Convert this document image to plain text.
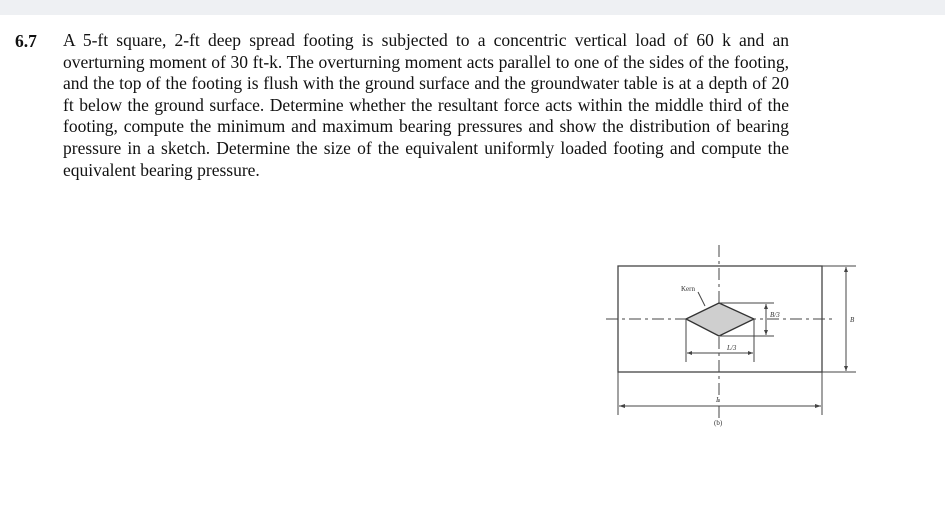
6.7 A 5-ft square, 2-ft deep spread footing is subjected to a concentric vertical load of 60 k and an overturning moment of 30 ft-k. The overturning moment acts parallel to one of the sides of the footing, and the top of the footing is flush with the ground surface and the groundwater table is at a depth of 20 ft below the ground surface. Determine whether the resultant force acts within the middle third of the footing, compute the minimum and maximum bearing pressures and show the distribution of bearing pressure in a sketch. Determine the size of the equivalent uniformly loaded footing and compute the equivalent bearing pressure.
Kern
B/3
L/3
B
L
(b)
